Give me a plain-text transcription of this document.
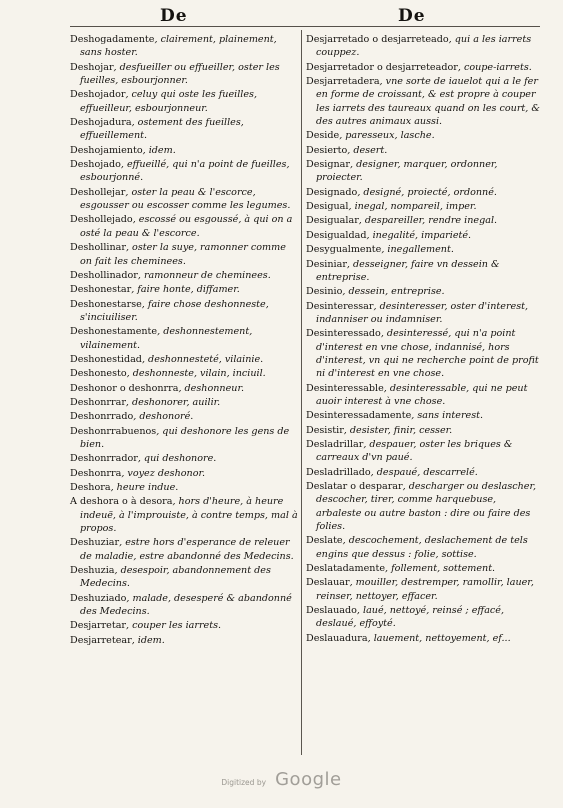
De	De
Deshogadamente, clairement, plainement, sans hoster.
Deshojar, desfueiller ou effueiller, oster les fueilles, esbourjonner.
Deshojador, celuy qui oste les fueilles, effueilleur, esbourjonneur.
Deshojadura, ostement des fueilles, effueillement.
Deshojamiento, idem.
Deshojado, effueillé, qui n'a point de fueilles, esbourjonné.
Deshollejar, oster la peau & l'escorce, esgousser ou escosser comme les legumes.
Deshollejado, escossé ou esgoussé, à qui on a osté la peau & l'escorce.
Deshollinar, oster la suye, ramonner comme on fait les cheminees.
Deshollinador, ramonneur de cheminees.
Deshonestar, faire honte, diffamer.
Deshonestarse, faire chose deshonneste, s'inciuiliser.
Deshonestamente, deshonnestement, vilainement.
Deshonestidad, deshonnesteté, vilainie.
Deshonesto, deshonneste, vilain, inciuil.
Deshonor o deshonrra, deshonneur.
Deshonrrar, deshonorer, auilir.
Deshonrrado, deshonoré.
Deshonrrabuenos, qui deshonore les gens de bien.
Deshonrrador, qui deshonore.
Deshonrra, voyez deshonor.
Deshora, heure indue.
A deshora o à desora, hors d'heure, à heure indeuë, à l'improuiste, à contre temps, mal à propos.
Deshuziar, estre hors d'esperance de releuer de maladie, estre abandonné des Medecins.
Deshuzia, desespoir, abandonnement des Medecins.
Deshuziado, malade, desesperé & abandonné des Medecins.
Desjarretar, couper les iarrets.
Desjarretear, idem.
Desjarretado o desjarreteado, qui a les iarrets couppez.
Desjarretador o desjarreteador, coupe-iarrets.
Desjarretadera, vne sorte de iauelot qui a le fer en forme de croissant, & est propre à couper les iarrets des taureaux quand on les court, & des autres animaux aussi.
Deside, paresseux, lasche.
Desierto, desert.
Designar, designer, marquer, ordonner, proiecter.
Designado, designé, proiecté, ordonné.
Desigual, inegal, nompareil, imper.
Desigualar, despareiller, rendre inegal.
Desigualdad, inegalité, imparieté.
Desygualmente, inegallement.
Desiniar, desseigner, faire vn dessein & entreprise.
Desinio, dessein, entreprise.
Desinteressar, desinteresser, oster d'interest, indanniser ou indamniser.
Desinteressado, desinteressé, qui n'a point d'interest en vne chose, indannisé, hors d'interest, vn qui ne recherche point de profit ni d'interest en vne chose.
Desinteressable, desinteressable, qui ne peut auoir interest à vne chose.
Desinteressadamente, sans interest.
Desistir, desister, finir, cesser.
Desladrillar, despauer, oster les briques & carreaux d'vn paué.
Desladrillado, despaué, descarrelé.
Deslatar o desparar, descharger ou deslascher, descocher, tirer, comme harquebuse, arbaleste ou autre baston : dire ou faire des folies.
Deslate, descochement, deslachement de tels engins que dessus : folie, sottise.
Deslatadamente, follement, sottement.
Deslauar, mouiller, destremper, ramollir, lauer, reinser, nettoyer, effacer.
Deslauado, laué, nettoyé, reinsé ; effacé, deslaué, effoyté.
Deslauadura, lauement, nettoyement, ef...
Digitized by Google
